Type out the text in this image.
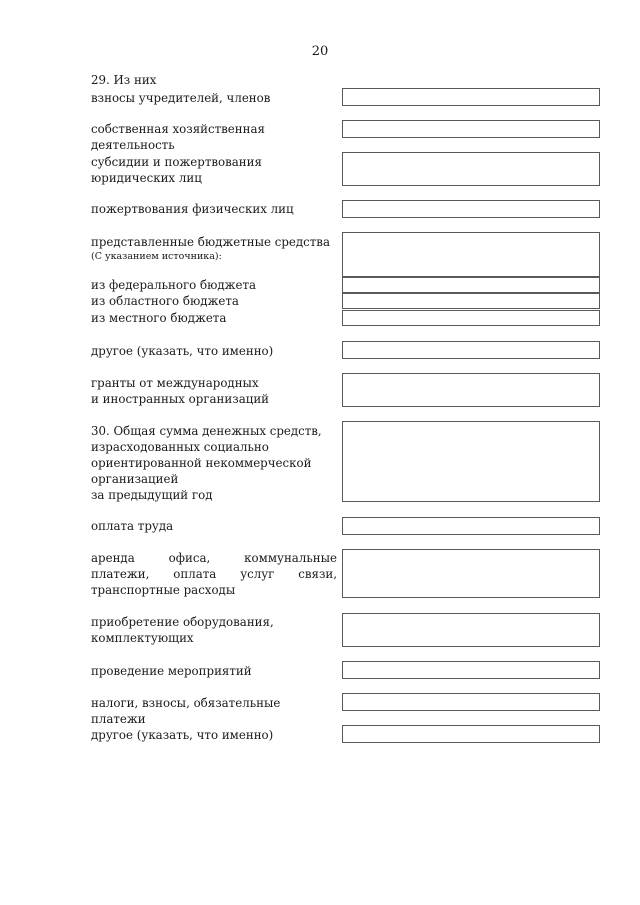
20
29. Из них
взносы учредителей, членов
собственная хозяйственная деятельность
субсидии и пожертвования юридических лиц
пожертвования физических лиц
представленные бюджетные средства
(С указанием источника):
из федерального бюджета
из областного бюджета
из местного бюджета
другое (указать, что именно)
гранты от международных
и иностранных организаций
30. Общая сумма денежных средств,
израсходованных социально
ориентированной некоммерческой
организацией
за предыдущий год
оплата труда
аренда офиса, коммунальные платежи, оплата услуг связи, транспортные расходы
приобретение оборудования, комплектующих
проведение мероприятий
налоги, взносы, обязательные платежи
другое (указать, что именно)
